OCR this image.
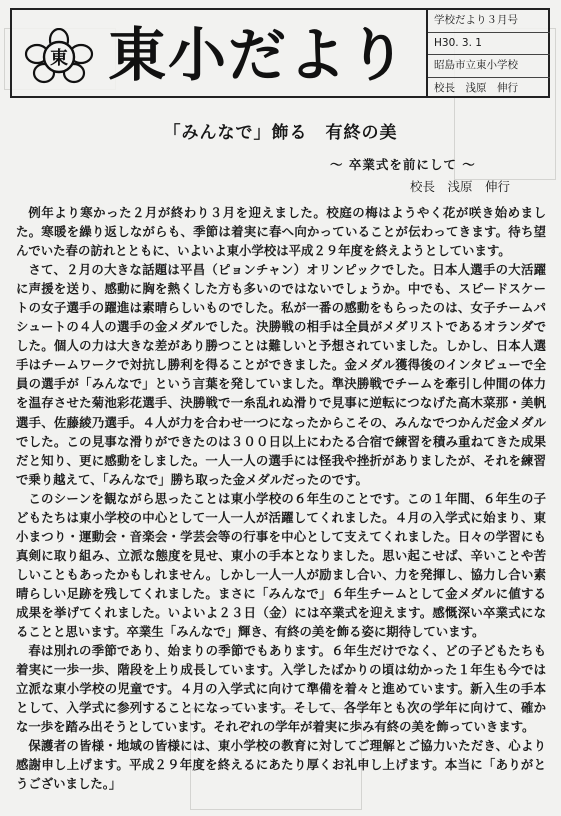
東 東小だより
学校だより３月号
H30. 3. 1
昭島市立東小学校
校長　浅原　伸行
「みんなで」飾る　有終の美
～ 卒業式を前にして ～
校長　浅原　伸行

例年より寒かった２月が終わり３月を迎えました。校庭の梅はようやく花が咲き始めました。寒暖を繰り返しながらも、季節は着実に春へ向かっていることが伝わってきます。待ち望んでいた春の訪れとともに、いよいよ東小学校は平成２９年度を終えようとしています。

さて、２月の大きな話題は平昌（ピョンチャン）オリンピックでした。日本人選手の大活躍に声援を送り、感動に胸を熱くした方も多いのではないでしょうか。中でも、スピードスケートの女子選手の躍進は素晴らしいものでした。私が一番の感動をもらったのは、女子チームパシュートの４人の選手の金メダルでした。決勝戦の相手は全員がメダリストであるオランダでした。個人の力は大きな差があり勝つことは難しいと予想されていました。しかし、日本人選手はチームワークで対抗し勝利を得ることができました。金メダル獲得後のインタビューで全員の選手が「みんなで」という言葉を発していました。準決勝戦でチームを牽引し仲間の体力を温存させた菊池彩花選手、決勝戦で一糸乱れぬ滑りで見事に逆転につなげた高木菜那・美帆選手、佐藤綾乃選手。４人が力を合わせ一つになったからこその、みんなでつかんだ金メダルでした。この見事な滑りができたのは３００日以上にわたる合宿で練習を積み重ねてきた成果だと知り、更に感動をしました。一人一人の選手には怪我や挫折がありましたが、それを練習で乗り越えて、「みんなで」勝ち取った金メダルだったのです。

このシーンを観ながら思ったことは東小学校の６年生のことです。この１年間、６年生の子どもたちは東小学校の中心として一人一人が活躍してくれました。４月の入学式に始まり、東小まつり・運動会・音楽会・学芸会等の行事を中心として支えてくれました。日々の学習にも真剣に取り組み、立派な態度を見せ、東小の手本となりました。思い起こせば、辛いことや苦しいこともあったかもしれません。しかし一人一人が励まし合い、力を発揮し、協力し合い素晴らしい足跡を残してくれました。まさに「みんなで」６年生チームとして金メダルに値する成果を挙げてくれました。いよいよ２３日（金）には卒業式を迎えます。感慨深い卒業式になることと思います。卒業生「みんなで」輝き、有終の美を飾る姿に期待しています。

春は別れの季節であり、始まりの季節でもあります。６年生だけでなく、どの子どもたちも着実に一歩一歩、階段を上り成長しています。入学したばかりの頃は幼かった１年生も今では立派な東小学校の児童です。４月の入学式に向けて準備を着々と進めています。新入生の手本として、入学式に参列することになっています。そして、各学年とも次の学年に向けて、確かな一歩を踏み出そうとしています。それぞれの学年が着実に歩み有終の美を飾っていきます。

保護者の皆様・地域の皆様には、東小学校の教育に対してご理解とご協力いただき、心より感謝申し上げます。平成２９年度を終えるにあたり厚くお礼申し上げます。本当に「ありがとうございました。」
